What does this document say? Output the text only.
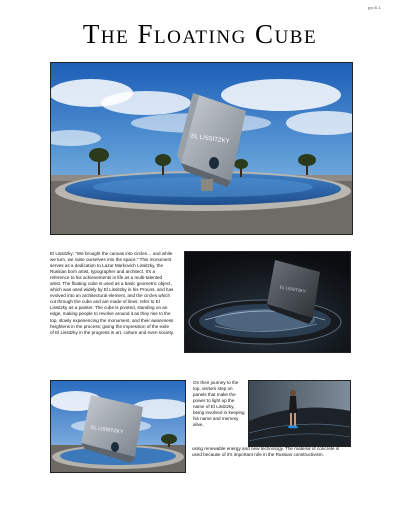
pp:8-1
The Floating Cube
EL LISSITZKY
EL LISSITZKY
El Lissitzky: "We brought the canvas into circles… and while we turn, we raise ourselves into the space." This monument serves as a dedication to Lazar Markovich Lissitzky, the Russian born artist, typographer and architect. It's a reference to his achievements in life as a multi-talented artist. The floating cube is used as a basic geometric object, which was used widely by El Lissitzky in his Prouns, and has evolved into an architectural element, and the circles which cut through the cube and are made of lines; refer to El Lissitzky as a painter. The cube is pivoted, standing on an edge, making people to revolve around it as they rise to the top, slowly experiencing the monument, and their awareness heightens in the process; giving the impression of the exile of El Lissitzky in the progress in art, culture and even society.
EL LISSITZKY
On their journey to the top, visitors step on panels that make the power to light up the name of El Lissitzky, being involved in keeping his name and memory alive,
using renewable energy and new technology. The material of concrete is used because of it's important role in the Russian constructivism.
